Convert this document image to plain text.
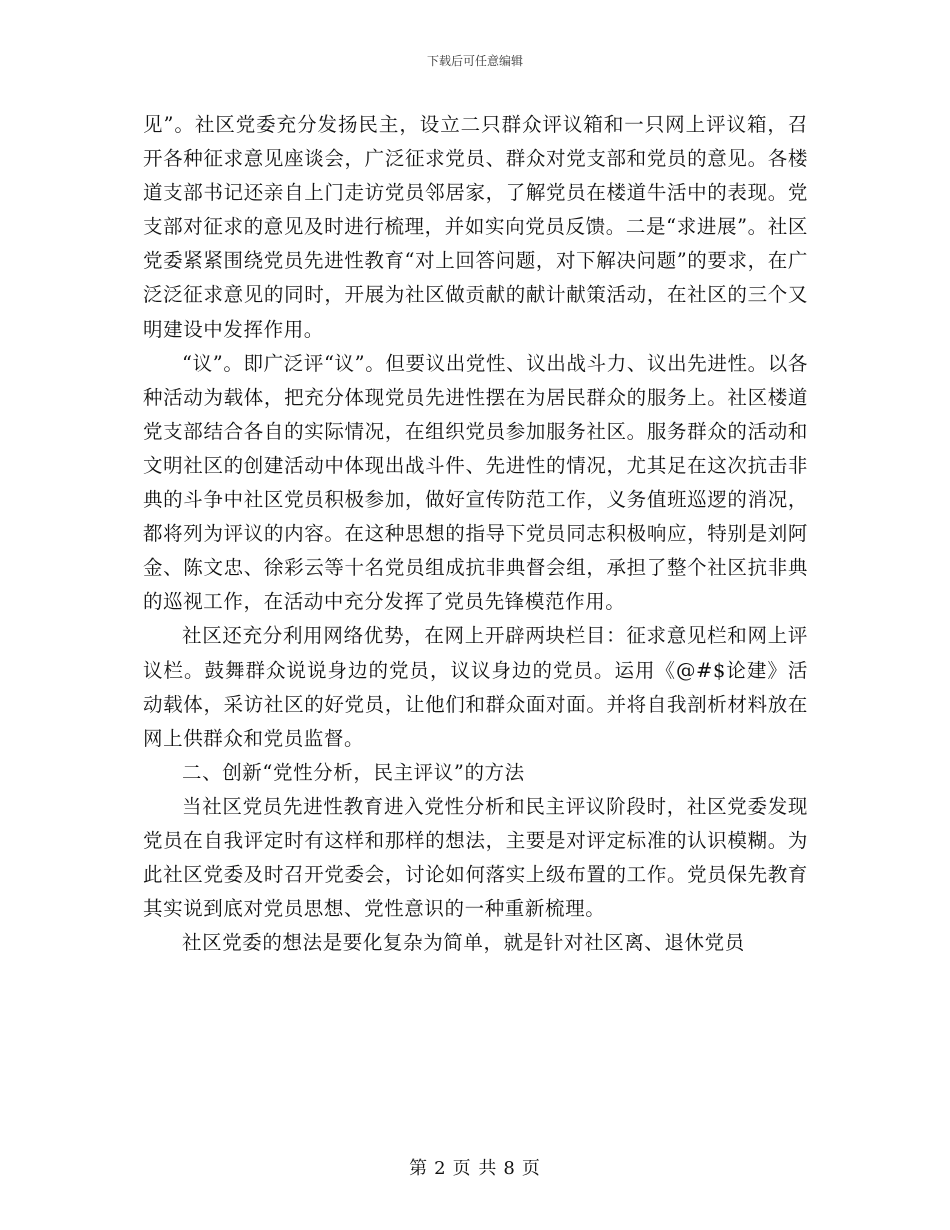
下载后可任意编辑

见”。社区党委充分发扬民主，设立二只群众评议箱和一只网上评议箱，召开各种征求意见座谈会，广泛征求党员、群众对党支部和党员的意见。各楼道支部书记还亲自上门走访党员邻居家，了解党员在楼道牛活中的表现。党支部对征求的意见及时进行梳理，并如实向党员反馈。二是“求进展”。社区党委紧紧围绕党员先进性教育“对上回答问题，对下解决问题”的要求，在广泛泛征求意见的同时，开展为社区做贡献的献计献策活动，在社区的三个又明建设中发挥作用。

“议”。即广泛评“议”。但要议出党性、议出战斗力、议出先进性。以各种活动为载体，把充分体现党员先进性摆在为居民群众的服务上。社区楼道党支部结合各自的实际情况，在组织党员参加服务社区。服务群众的活动和文明社区的创建活动中体现出战斗件、先进性的情况，尤其足在这次抗击非典的斗争中社区党员积极参加，做好宣传防范工作，义务值班巡逻的消况，都将列为评议的内容。在这种思想的指导下党员同志积极响应，特别是刘阿金、陈文忠、徐彩云等十名党员组成抗非典督会组，承担了整个社区抗非典的巡视工作，在活动中充分发挥了党员先锋模范作用。

社区还充分利用网络优势，在网上开辟两块栏目：征求意见栏和网上评议栏。鼓舞群众说说身边的党员，议议身边的党员。运用《@#$论建》活动载体，采访社区的好党员，让他们和群众面对面。并将自我剖析材料放在网上供群众和党员监督。

二、创新“党性分析，民主评议”的方法

当社区党员先进性教育进入党性分析和民主评议阶段时，社区党委发现党员在自我评定时有这样和那样的想法，主要是对评定标准的认识模糊。为此社区党委及时召开党委会，讨论如何落实上级布置的工作。党员保先教育其实说到底对党员思想、党性意识的一种重新梳理。

社区党委的想法是要化复杂为简单，就是针对社区离、退休党员

第 2 页 共 8 页
